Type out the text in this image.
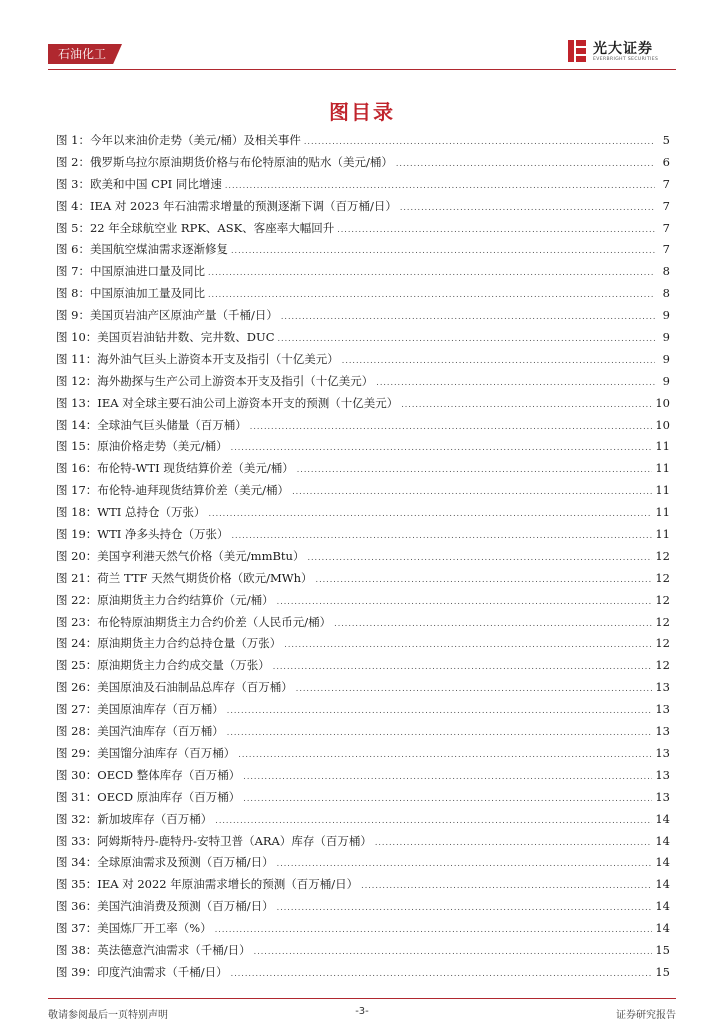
石油化工	光大证券
EVERBRIGHT SECURITIES
图目录
图 1： 今年以来油价走势（美元/桶）及相关事件 .....	5
图 2： 俄罗斯乌拉尔原油期货价格与布伦特原油的贴水（美元/桶） .....	6
图 3： 欧美和中国 CPI 同比增速 .....	7
图 4： IEA 对 2023 年石油需求增量的预测逐渐下调（百万桶/日） .....	7
图 5： 22 年全球航空业 RPK、ASK、客座率大幅回升 .....	7
图 6： 美国航空煤油需求逐渐修复 .....	7
图 7： 中国原油进口量及同比 .....	8
图 8： 中国原油加工量及同比 .....	8
图 9： 美国页岩油产区原油产量（千桶/日） .....	9
图 10： 美国页岩油钻井数、完井数、DUC .....	9
图 11： 海外油气巨头上游资本开支及指引（十亿美元） .....	9
图 12： 海外勘探与生产公司上游资本开支及指引（十亿美元） .....	9
图 13： IEA 对全球主要石油公司上游资本开支的预测（十亿美元） .....	10
图 14： 全球油气巨头储量（百万桶） .....	10
图 15： 原油价格走势（美元/桶） .....	11
图 16： 布伦特-WTI 现货结算价差（美元/桶） .....	11
图 17： 布伦特-迪拜现货结算价差（美元/桶） .....	11
图 18： WTI 总持仓（万张） .....	11
图 19： WTI 净多头持仓（万张） .....	11
图 20： 美国亨利港天然气价格（美元/mmBtu） .....	12
图 21： 荷兰 TTF 天然气期货价格（欧元/MWh） .....	12
图 22： 原油期货主力合约结算价（元/桶） .....	12
图 23： 布伦特原油期货主力合约价差（人民币元/桶） .....	12
图 24： 原油期货主力合约总持仓量（万张） .....	12
图 25： 原油期货主力合约成交量（万张） .....	12
图 26： 美国原油及石油制品总库存（百万桶） .....	13
图 27： 美国原油库存（百万桶） .....	13
图 28： 美国汽油库存（百万桶） .....	13
图 29： 美国馏分油库存（百万桶） .....	13
图 30： OECD 整体库存（百万桶） .....	13
图 31： OECD 原油库存（百万桶） .....	13
图 32： 新加坡库存（百万桶） .....	14
图 33： 阿姆斯特丹-鹿特丹-安特卫普（ARA）库存（百万桶） .....	14
图 34： 全球原油需求及预测（百万桶/日） .....	14
图 35： IEA 对 2022 年原油需求增长的预测（百万桶/日） .....	14
图 36： 美国汽油消费及预测（百万桶/日） .....	14
图 37： 美国炼厂开工率（%） .....	14
图 38： 英法德意汽油需求（千桶/日） .....	15
图 39： 印度汽油需求（千桶/日） .....	15
敬请参阅最后一页特别声明	-3-	证券研究报告
